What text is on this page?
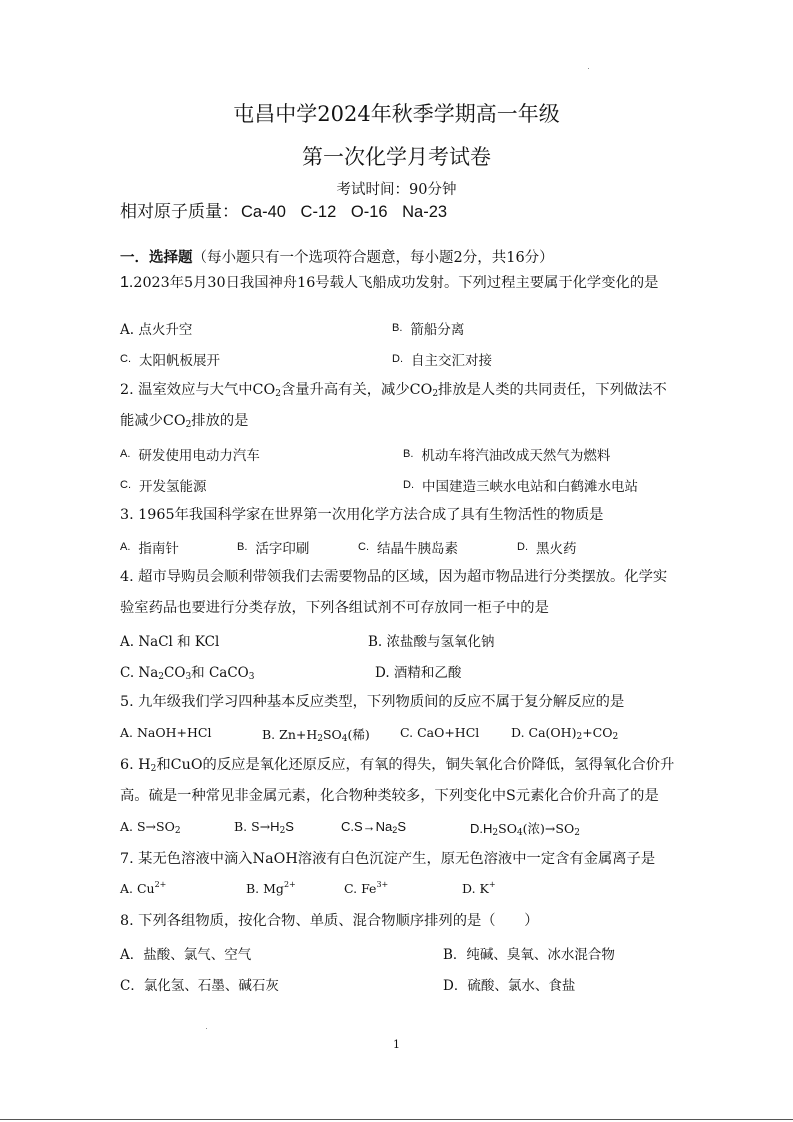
屯昌中学2024年秋季学期高一年级
第一次化学月考试卷
考试时间：90分钟
相对原子质量： Ca-40 C-12 O-16 Na-23
一．选择题（每小题只有一个选项符合题意，每小题2分，共16分）
1.2023年5月30日我国神舟16号载人飞船成功发射。下列过程主要属于化学变化的是
A. 点火升空	$^{B.}$ 箭船分离
$^{C.}$ 太阳帆板展开	$^{D.}$ 自主交汇对接
2. 温室效应与大气中$CO_2$含量升高有关，减少$CO_2$排放是人类的共同责任，下列做法不
能减少$CO_2$排放的是
$^{A.}$ 研发使用电动力汽车	$^{B.}$ 机动车将汽油改成天然气为燃料
$^{C.}$ 开发氢能源	$^{D.}$ 中国建造三峡水电站和白鹤滩水电站
3. 1965年我国科学家在世界第一次用化学方法合成了具有生物活性的物质是
$^{A.}$ 指南针	$^{B.}$ 活字印刷	$^{C.}$ 结晶牛胰岛素	$^{D.}$ 黑火药
4. 超市导购员会顺利带领我们去需要物品的区域，因为超市物品进行分类摆放。化学实
验室药品也要进行分类存放，下列各组试剂不可存放同一柜子中的是
A. NaCl 和 KCl	B. 浓盐酸与氢氧化钠
C. $Na_2CO_3$和 CaCO$_3$	D. 酒精和乙酸
5. 九年级我们学习四种基本反应类型，下列物质间的反应不属于复分解反应的是
A. NaOH+HCl	B. $Zn+H_2SO_4$(稀) C. CaO+HCl	D. $Ca(OH)_2+CO_2$
6. $H_2$和CuO的反应是氧化还原反应，有氧的得失，铜失氧化合价降低，氢得氧化合价升
高。硫是一种常见非金属元素，化合物种类较多，下列变化中S元素化合价升高了的是
A. $S\to SO_2$	B. $S\to H_2S$	$C.S\to Na_2S$	$D.H_2SO_4$(浓)$\to SO_2$
7. 某无色溶液中滴入NaOH溶液有白色沉淀产生，原无色溶液中一定含有金属离子是
A. $Cu^{2+}$	B. $Mg^{2+}$	C. $Fe^{3+}$	D. K+
8. 下列各组物质，按化合物、单质、混合物顺序排列的是（　　）
A．盐酸、氯气、空气	B．纯碱、臭氧、冰水混合物
C．氯化氢、石墨、碱石灰	D．硫酸、氯水、食盐
1
